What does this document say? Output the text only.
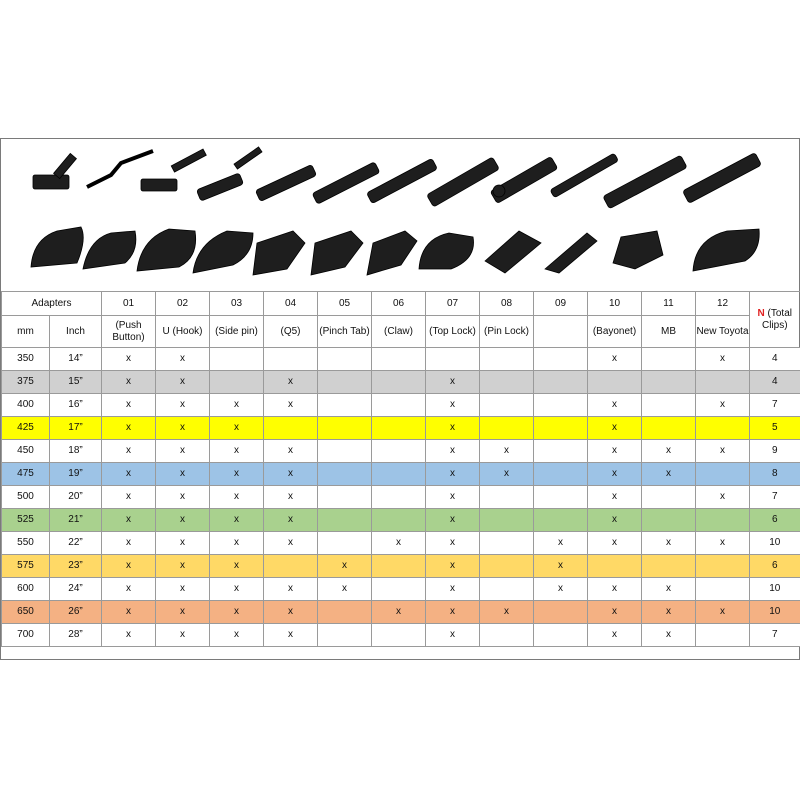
Adapters		01	02	03	04	05	06	07	08	09	10	11	12	N (Total Clips)
mm	Inch	(Push Button)	U (Hook)	(Side pin)	(Q5)	(Pinch Tab)	(Claw)	(Top Lock)	(Pin Lock)		(Bayonet)	MB	New Toyota	
350	14”	x	x								x		x	4
375	15”	x	x		x			x						4
400	16”	x	x	x	x			x			x		x	7
425	17”	x	x	x				x			x			5
450	18”	x	x	x	x			x	x		x	x	x	9
475	19”	x	x	x	x			x	x		x	x		8
500	20”	x	x	x	x			x			x		x	7
525	21”	x	x	x	x			x			x			6
550	22”	x	x	x	x		x	x		x	x	x	x	10
575	23”	x	x	x		x		x		x				6
600	24”	x	x	x	x	x		x		x	x	x		10
650	26”	x	x	x	x		x	x	x		x	x	x	10
700	28”	x	x	x	x			x			x	x		7
